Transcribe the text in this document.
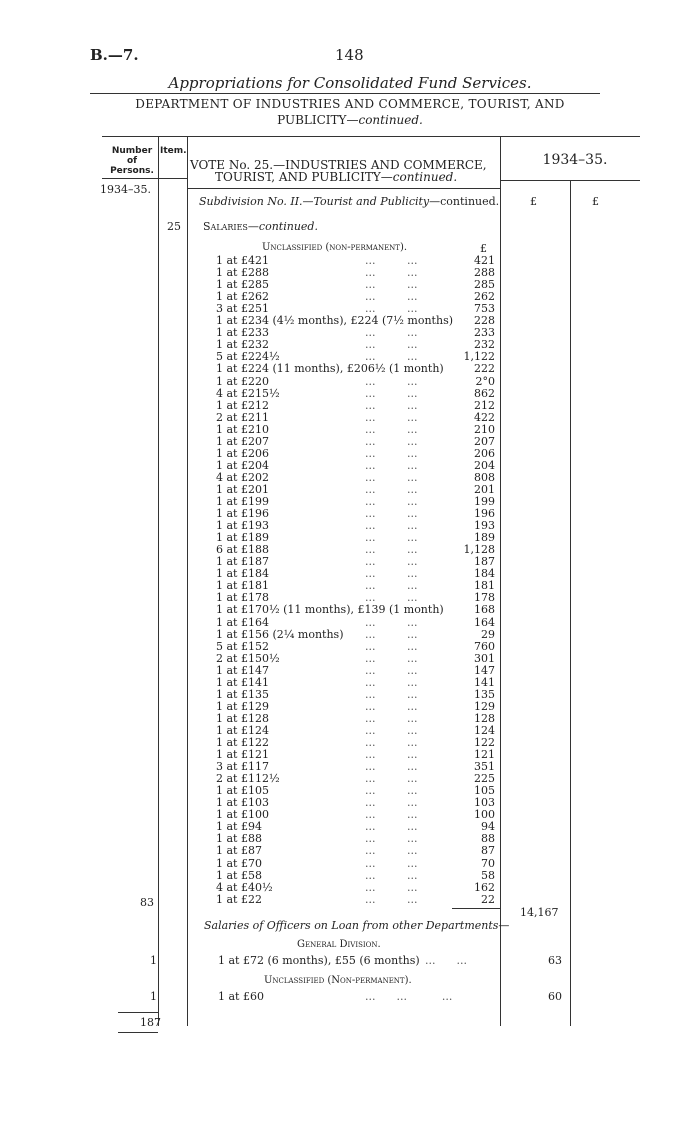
B.—7.	148
Appropriations for Consolidated Fund Services.
DEPARTMENT OF INDUSTRIES AND COMMERCE, TOURIST, AND
PUBLICITY—continued.
Number of Persons.
Item.
VOTE No. 25.—INDUSTRIES AND COMMERCE,
TOURIST, AND PUBLICITY—continued.
1934–35.
1934–35.
Subdivision No. II.—Tourist and Publicity—continued.	£	£
25 Salaries—continued.
Unclassified (non-permanent).	£
1 at £421	...         ...	421
1 at £288	...         ...	288
1 at £285	...         ...	285
1 at £262	...         ...	262
3 at £251	...         ...	753
1 at £234 (4½ months), £224 (7½ months)	228
1 at £233	...         ...	233
1 at £232	...         ...	232
5 at £224½	...         ...	1,122
1 at £224 (11 months), £206½ (1 month)	222
1 at £220	...         ...	2°0
4 at £215½	...         ...	862
1 at £212	...         ...	212
2 at £211	...         ...	422
1 at £210	...         ...	210
1 at £207	...         ...	207
1 at £206	...         ...	206
1 at £204	...         ...	204
4 at £202	...         ...	808
1 at £201	...         ...	201
1 at £199	...         ...	199
1 at £196	...         ...	196
1 at £193	...         ...	193
1 at £189	...         ...	189
6 at £188	...         ...	1,128
1 at £187	...         ...	187
1 at £184	...         ...	184
1 at £181	...         ...	181
1 at £178	...         ...	178
1 at £170½ (11 months), £139 (1 month)	168
1 at £164	...         ...	164
1 at £156 (2¼ months) ...         ...	29
5 at £152	...         ...	760
2 at £150½	...         ...	301
1 at £147	...         ...	147
1 at £141	...         ...	141
1 at £135	...         ...	135
1 at £129	...         ...	129
1 at £128	...         ...	128
1 at £124	...         ...	124
1 at £122	...         ...	122
1 at £121	...         ...	121
3 at £117	...         ...	351
2 at £112½	...         ...	225
1 at £105	...         ...	105
1 at £103	...         ...	103
1 at £100	...         ...	100
1 at £94	...         ...	94
1 at £88	...         ...	88
1 at £87	...         ...	87
1 at £70	...         ...	70
1 at £58	...         ...	58
4 at £40½	...         ...	162
1 at £22	...         ...	22
83
14,167
Salaries of Officers on Loan from other Departments—
General Division.
1	1 at £72 (6 months), £55 (6 months) ...      ...	63
Unclassified (Non-permanent).
1	1 at £60	...      ...          ...	60
187
